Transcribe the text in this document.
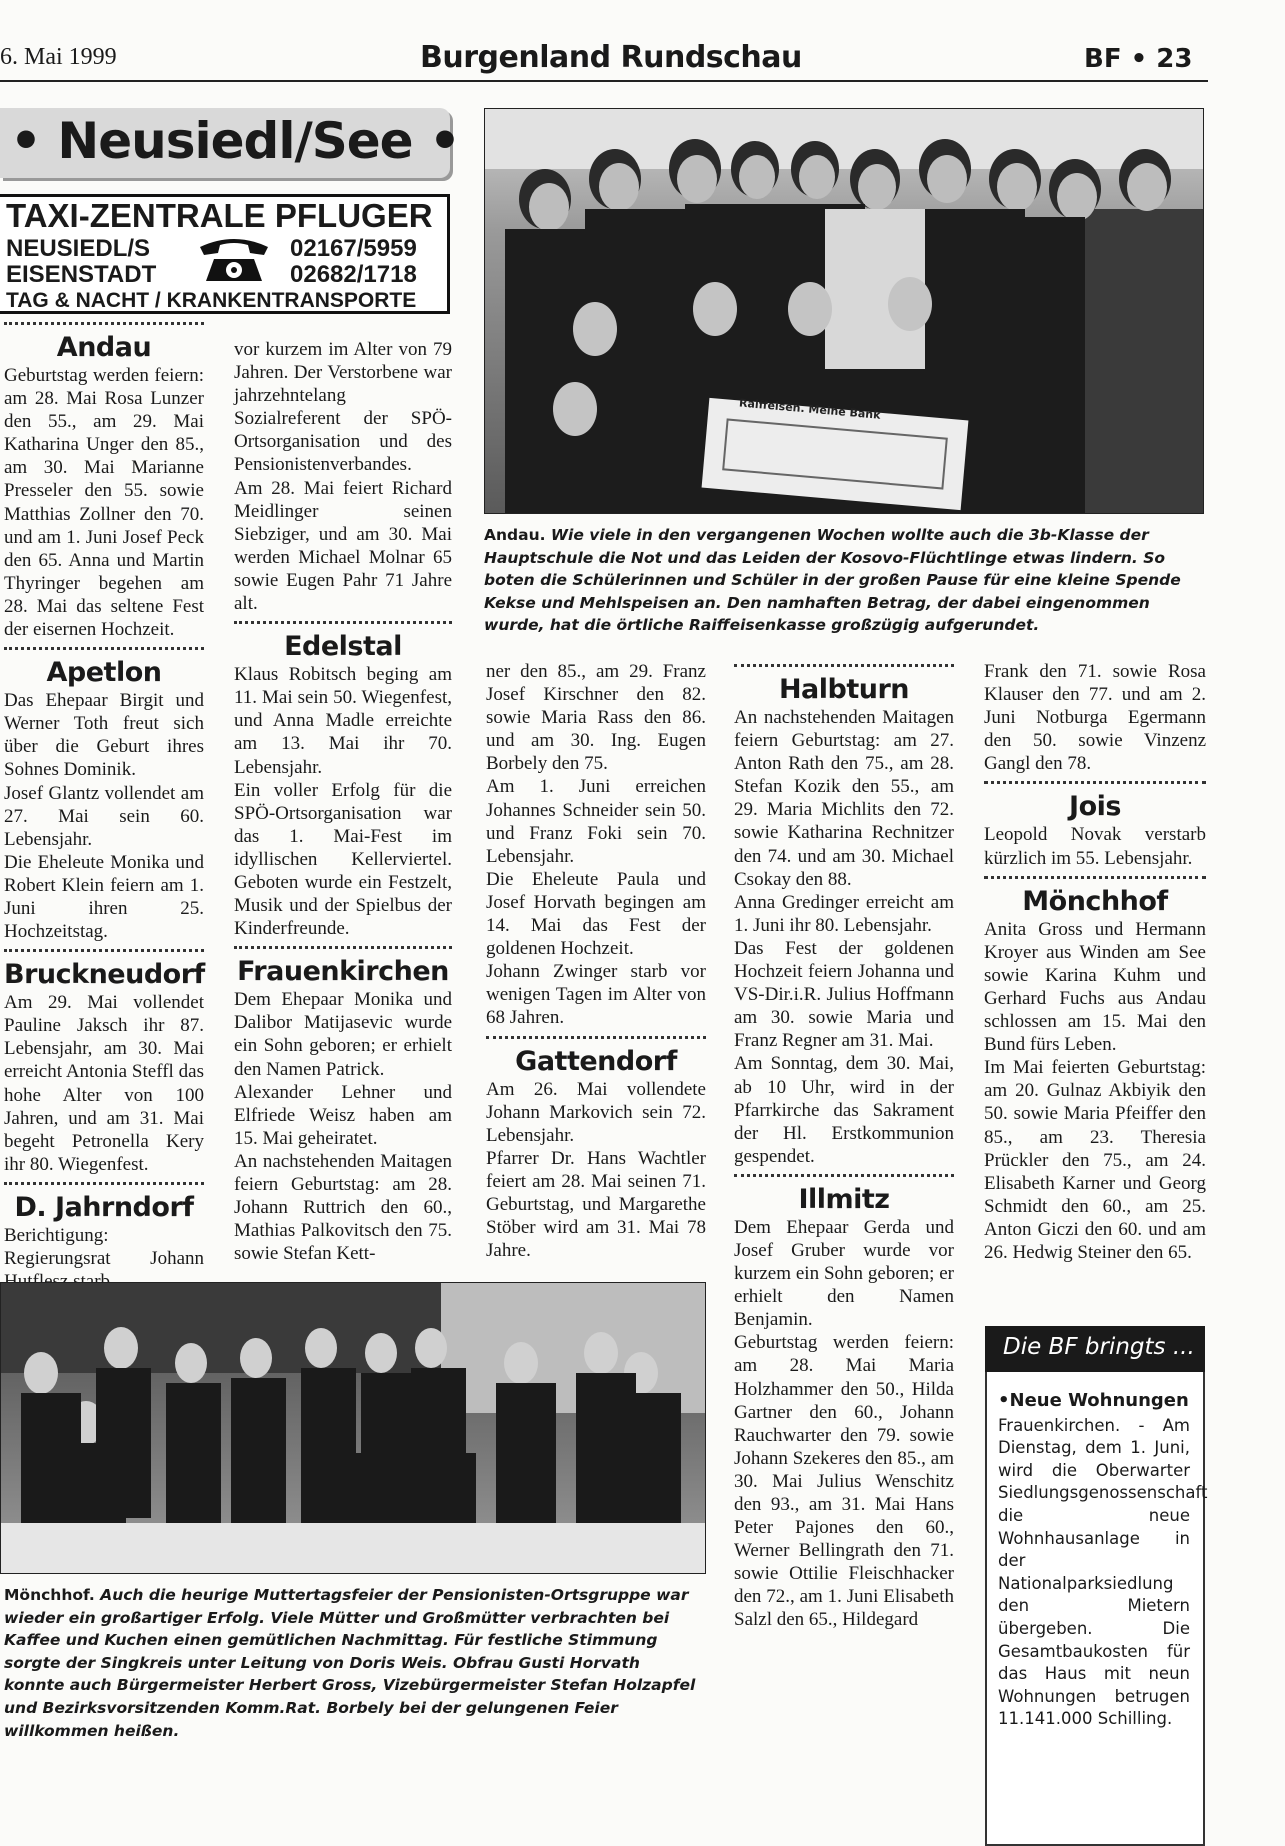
6. Mai 1999	Burgenland Rundschau	BF • 23
• Neusiedl/See •
TAXI-ZENTRALE PFLUGER
NEUSIEDL/S	02167/5959
EISENSTADT	02682/1718
TAG & NACHT / KRANKENTRANSPORTE
Andau

Geburtstag werden feiern: am 28. Mai Rosa Lunzer den 55., am 29. Mai Katharina Unger den 85., am 30. Mai Marianne Presseler den 55. sowie Matthias Zollner den 70. und am 1. Juni Josef Peck den 65. Anna und Martin Thyringer begehen am 28. Mai das seltene Fest der eisernen Hochzeit.

Apetlon

Das Ehepaar Birgit und Werner Toth freut sich über die Geburt ihres Sohnes Dominik.

Josef Glantz vollendet am 27. Mai sein 60. Lebensjahr.

Die Eheleute Monika und Robert Klein feiern am 1. Juni ihren 25. Hochzeitstag.

Bruckneudorf

Am 29. Mai vollendet Pauline Jaksch ihr 87. Lebensjahr, am 30. Mai erreicht Antonia Steffl das hohe Alter von 100 Jahren, und am 31. Mai begeht Petronella Kery ihr 80. Wiegenfest.

D. Jahrndorf

Berichtigung: Regierungsrat Johann

vor kurzem im Alter von 79 Jahren. Der Verstorbene war jahrzehntelang Sozialreferent der SPÖ-Ortsorganisation und des Pensionistenverbandes.

Am 28. Mai feiert Richard Meidlinger seinen Siebziger, und am 30. Mai werden Michael Molnar 65 sowie Eugen Pahr 71 Jahre alt.

Edelstal

Klaus Robitsch beging am 11. Mai sein 50. Wiegenfest, und Anna Madle erreichte am 13. Mai ihr 70. Lebensjahr.

Ein voller Erfolg für die SPÖ-Ortsorganisation war das 1. Mai-Fest im idyllischen Kellerviertel. Geboten wurde ein Festzelt, Musik und der Spielbus der Kinderfreunde.

Frauenkirchen

Dem Ehepaar Monika und Dalibor Matijasevic wurde ein Sohn geboren; er erhielt den Namen Patrick.

Alexander Lehner und Elfriede Weisz haben am 15. Mai geheiratet.

An nachstehenden Maitagen feiern Geburtstag: am 28. Johann Ruttrich den 60., Mathias Palkovitsch den 75. sowie Stefan Kett-

Raiffeisen. Meine Bank
Andau. Wie viele in den vergangenen Wochen wollte auch die 3b-Klasse der Hauptschule die Not und das Leiden der Kosovo-Flüchtlinge etwas lindern. So boten die Schülerinnen und Schüler in der großen Pause für eine kleine Spende Kekse und Mehlspeisen an. Den namhaften Betrag, der dabei eingenommen wurde, hat die örtliche Raiffeisenkasse großzügig aufgerundet.

ner den 85., am 29. Franz Josef Kirschner den 82. sowie Maria Rass den 86. und am 30. Ing. Eugen Borbely den 75.

Am 1. Juni erreichen Johannes Schneider sein 50. und Franz Foki sein 70. Lebensjahr.

Die Eheleute Paula und Josef Horvath begingen am 14. Mai das Fest der goldenen Hochzeit.

Johann Zwinger starb vor wenigen Tagen im Alter von 68 Jahren.

Gattendorf

Am 26. Mai vollendete Johann Markovich sein 72. Lebensjahr.

Pfarrer Dr. Hans Wachtler feiert am 28. Mai seinen 71. Geburtstag, und Margarethe Stöber wird am 31. Mai 78 Jahre.

Halbturn

An nachstehenden Maitagen feiern Geburtstag: am 27. Anton Rath den 75., am 28. Stefan Kozik den 55., am 29. Maria Michlits den 72. sowie Katharina Rechnitzer den 74. und am 30. Michael Csokay den 88.

Anna Gredinger erreicht am 1. Juni ihr 80. Lebensjahr.

Das Fest der goldenen Hochzeit feiern Johanna und VS-Dir.i.R. Julius Hoffmann am 30. sowie Maria und Franz Regner am 31. Mai.

Am Sonntag, dem 30. Mai, ab 10 Uhr, wird in der Pfarrkirche das Sakrament der Hl. Erstkommunion gespendet.

Illmitz

Dem Ehepaar Gerda und Josef Gruber wurde vor kurzem ein Sohn geboren; er erhielt den Namen Benjamin.

Geburtstag werden feiern: am 28. Mai Maria Holzhammer den 50., Hilda Gartner den 60., Johann Rauchwarter den 79. sowie Johann Szekeres den 85., am 30. Mai Julius Wenschitz den 93., am 31. Mai Hans Peter Pajones den 60., Werner Bellingrath den 71. sowie Ottilie Fleischhacker den 72., am 1. Juni Elisabeth Salzl den 65., Hildegard

Frank den 71. sowie Rosa Klauser den 77. und am 2. Juni Notburga Egermann den 50. sowie Vinzenz Gangl den 78.

Jois

Leopold Novak verstarb kürzlich im 55. Lebensjahr.

Mönchhof

Anita Gross und Hermann Kroyer aus Winden am See sowie Karina Kuhm und Gerhard Fuchs aus Andau schlossen am 15. Mai den Bund fürs Leben.

Im Mai feierten Geburtstag: am 20. Gulnaz Akbiyik den 50. sowie Maria Pfeiffer den 85., am 23. Theresia Prückler den 75., am 24. Elisabeth Karner und Georg Schmidt den 60., am 25. Anton Giczi den 60. und am 26. Hedwig Steiner den 65.

Die BF bringts ...
•Neue Wohnungen

Frauenkirchen. - Am Dienstag, dem 1. Juni, wird die Oberwarter Siedlungsgenossenschaft die neue Wohnhausanlage in der Nationalparksiedlung den Mietern übergeben. Die Gesamtbaukosten für das Haus mit neun Wohnungen betrugen 11.141.000 Schilling.

Mönchhof. Auch die heurige Muttertagsfeier der Pensionisten-Ortsgruppe war wieder ein großartiger Erfolg. Viele Mütter und Großmütter verbrachten bei Kaffee und Kuchen einen gemütlichen Nachmittag. Für festliche Stimmung sorgte der Singkreis unter Leitung von Doris Weis. Obfrau Gusti Horvath konnte auch Bürgermeister Herbert Gross, Vizebürgermeister Stefan Holzapfel und Bezirksvorsitzenden Komm.Rat. Borbely bei der gelungenen Feier willkommen heißen.
